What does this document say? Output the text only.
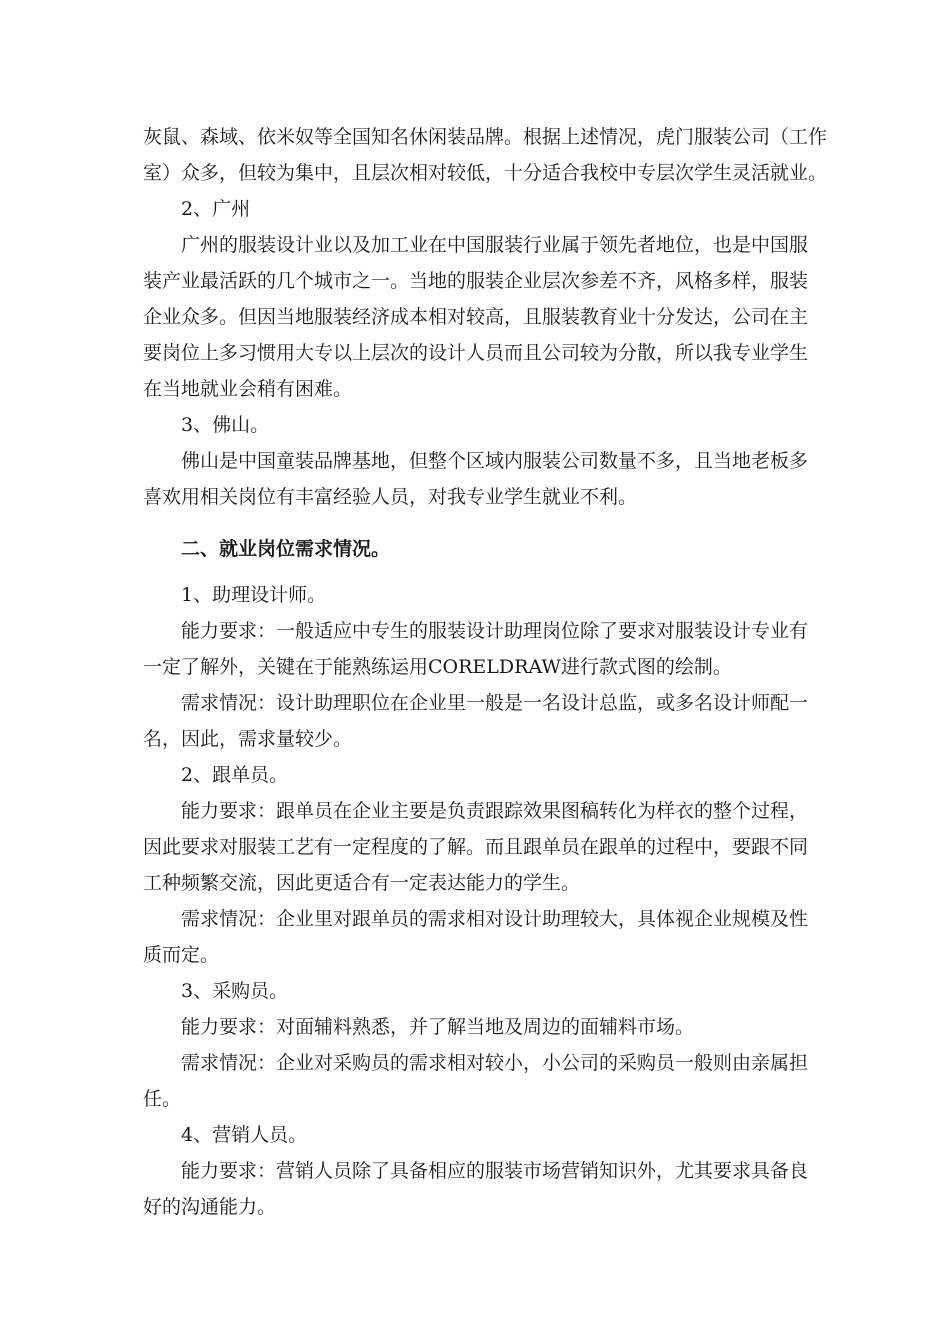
灰鼠、森域、依米奴等全国知名休闲装品牌。根据上述情况，虎门服装公司（工作
室）众多，但较为集中，且层次相对较低，十分适合我校中专层次学生灵活就业。
2、广州
广州的服装设计业以及加工业在中国服装行业属于领先者地位，也是中国服
装产业最活跃的几个城市之一。当地的服装企业层次参差不齐，风格多样，服装
企业众多。但因当地服装经济成本相对较高，且服装教育业十分发达，公司在主
要岗位上多习惯用大专以上层次的设计人员而且公司较为分散，所以我专业学生
在当地就业会稍有困难。
3、佛山。
佛山是中国童装品牌基地，但整个区域内服装公司数量不多，且当地老板多
喜欢用相关岗位有丰富经验人员，对我专业学生就业不利。
二、就业岗位需求情况。
1、助理设计师。
能力要求：一般适应中专生的服装设计助理岗位除了要求对服装设计专业有
一定了解外，关键在于能熟练运用CORELDRAW进行款式图的绘制。
需求情况：设计助理职位在企业里一般是一名设计总监，或多名设计师配一
名，因此，需求量较少。
2、跟单员。
能力要求：跟单员在企业主要是负责跟踪效果图稿转化为样衣的整个过程，
因此要求对服装工艺有一定程度的了解。而且跟单员在跟单的过程中，要跟不同
工种频繁交流，因此更适合有一定表达能力的学生。
需求情况：企业里对跟单员的需求相对设计助理较大，具体视企业规模及性
质而定。
3、采购员。
能力要求：对面辅料熟悉，并了解当地及周边的面辅料市场。
需求情况：企业对采购员的需求相对较小，小公司的采购员一般则由亲属担
任。
4、营销人员。
能力要求：营销人员除了具备相应的服装市场营销知识外，尤其要求具备良
好的沟通能力。
